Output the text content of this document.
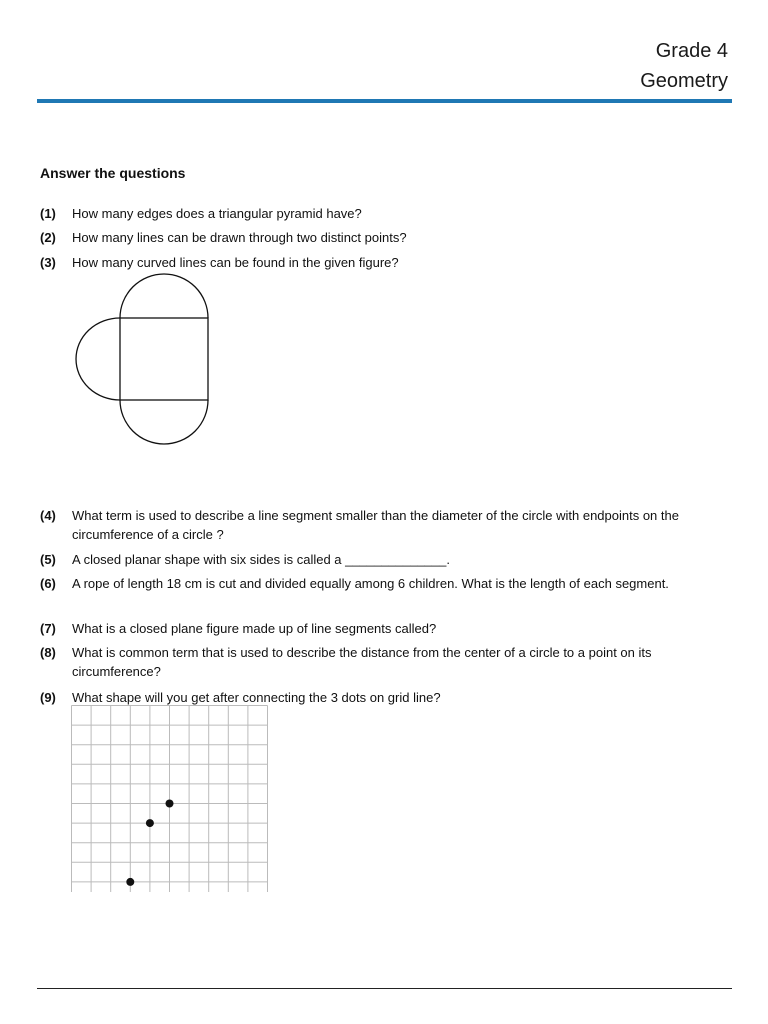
Grade 4
Geometry
Answer the questions
(1) How many edges does a triangular pyramid have?
(2) How many lines can be drawn through two distinct points?
(3) How many curved lines can be found in the given figure?
(4) What term is used to describe a line segment smaller than the diameter of the circle with endpoints on the circumference of a circle ?
(5) A closed planar shape with six sides is called a ______________.
(6) A rope of length 18 cm is cut and divided equally among 6 children. What is the length of each segment.
(7) What is a closed plane figure made up of line segments called?
(8) What is common term that is used to describe the distance from the center of a circle to a point on its circumference?
(9) What shape will you get after connecting the 3 dots on grid line?
